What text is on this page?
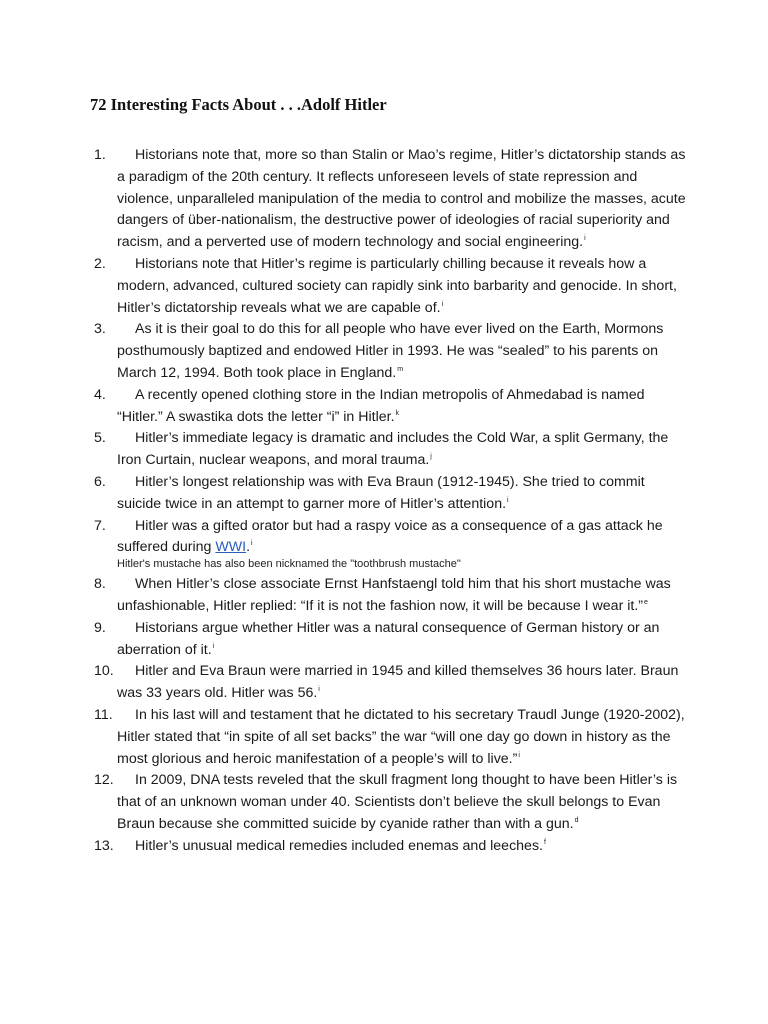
72 Interesting Facts About . . .Adolf Hitler
1.	Historians note that, more so than Stalin or Mao’s regime, Hitler’s dictatorship stands as a paradigm of the 20th century. It reflects unforeseen levels of state repression and violence, unparalleled manipulation of the media to control and mobilize the masses, acute dangers of über-nationalism, the destructive power of ideologies of racial superiority and racism, and a perverted use of modern technology and social engineering.$^i$
2.	Historians note that Hitler’s regime is particularly chilling because it reveals how a modern, advanced, cultured society can rapidly sink into barbarity and genocide. In short, Hitler’s dictatorship reveals what we are capable of.$^i$
3.	As it is their goal to do this for all people who have ever lived on the Earth, Mormons posthumously baptized and endowed Hitler in 1993. He was “sealed” to his parents on March 12, 1994. Both took place in England.$^m$
4.	A recently opened clothing store in the Indian metropolis of Ahmedabad is named “Hitler.” A swastika dots the letter “i” in Hitler.$^k$
5.	Hitler’s immediate legacy is dramatic and includes the Cold War, a split Germany, the Iron Curtain, nuclear weapons, and moral trauma.$^j$
6.	Hitler’s longest relationship was with Eva Braun (1912-1945). She tried to commit suicide twice in an attempt to garner more of Hitler’s attention.$^i$
7.	Hitler was a gifted orator but had a raspy voice as a consequence of a gas attack he suffered during WWI.$^i$
Hitler's mustache has also been nicknamed the "toothbrush mustache"
8.	When Hitler’s close associate Ernst Hanfstaengl told him that his short mustache was unfashionable, Hitler replied: “If it is not the fashion now, it will be because I wear it.”$^e$
9.	Historians argue whether Hitler was a natural consequence of German history or an aberration of it.$^i$
10.	Hitler and Eva Braun were married in 1945 and killed themselves 36 hours later. Braun was 33 years old. Hitler was 56.$^i$
11.	In his last will and testament that he dictated to his secretary Traudl Junge (1920-2002), Hitler stated that “in spite of all set backs” the war “will one day go down in history as the most glorious and heroic manifestation of a people’s will to live.”$^i$
12.	In 2009, DNA tests reveled that the skull fragment long thought to have been Hitler’s is that of an unknown woman under 40. Scientists don’t believe the skull belongs to Evan Braun because she committed suicide by cyanide rather than with a gun.$^d$
13.	Hitler’s unusual medical remedies included enemas and leeches.$^f$
